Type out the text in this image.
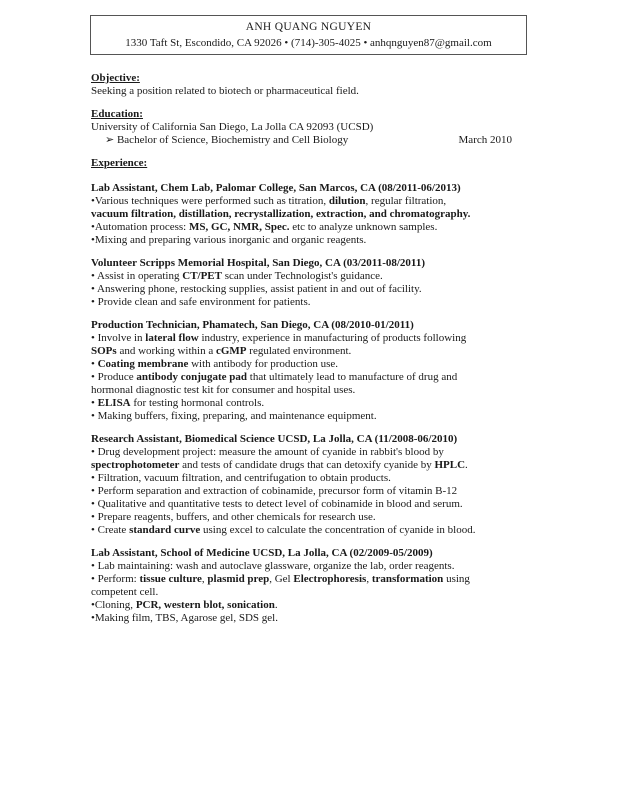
ANH QUANG NGUYEN
1330 Taft St, Escondido, CA 92026 • (714)-305-4025 • anhqnguyen87@gmail.com
Objective:
Seeking a position related to biotech or pharmaceutical field.
Education:
University of California San Diego, La Jolla CA 92093 (UCSD)
➢ Bachelor of Science, Biochemistry and Cell Biology	March 2010
Experience:
Lab Assistant, Chem Lab, Palomar College, San Marcos, CA (08/2011-06/2013)
•Various techniques were performed such as titration, dilution, regular filtration,
vacuum filtration, distillation, recrystallization, extraction, and chromatography.
•Automation process: MS, GC, NMR, Spec. etc to analyze unknown samples.
•Mixing and preparing various inorganic and organic reagents.
Volunteer Scripps Memorial Hospital, San Diego, CA (03/2011-08/2011)
• Assist in operating CT/PET scan under Technologist's guidance.
• Answering phone, restocking supplies, assist patient in and out of facility.
• Provide clean and safe environment for patients.
Production Technician, Phamatech, San Diego, CA (08/2010-01/2011)
• Involve in lateral flow industry, experience in manufacturing of products following
SOPs and working within a cGMP regulated environment.
• Coating membrane with antibody for production use.
• Produce antibody conjugate pad that ultimately lead to manufacture of drug and
hormonal diagnostic test kit for consumer and hospital uses.
• ELISA for testing hormonal controls.
• Making buffers, fixing, preparing, and maintenance equipment.
Research Assistant, Biomedical Science UCSD, La Jolla, CA (11/2008-06/2010)
• Drug development project: measure the amount of cyanide in rabbit's blood by
spectrophotometer and tests of candidate drugs that can detoxify cyanide by HPLC.
• Filtration, vacuum filtration, and centrifugation to obtain products.
• Perform separation and extraction of cobinamide, precursor form of vitamin B-12
• Qualitative and quantitative tests to detect level of cobinamide in blood and serum.
• Prepare reagents, buffers, and other chemicals for research use.
• Create standard curve using excel to calculate the concentration of cyanide in blood.
Lab Assistant, School of Medicine UCSD, La Jolla, CA (02/2009-05/2009)
• Lab maintaining: wash and autoclave glassware, organize the lab, order reagents.
• Perform: tissue culture, plasmid prep, Gel Electrophoresis, transformation using
competent cell.
•Cloning, PCR, western blot, sonication.
•Making film, TBS, Agarose gel, SDS gel.
